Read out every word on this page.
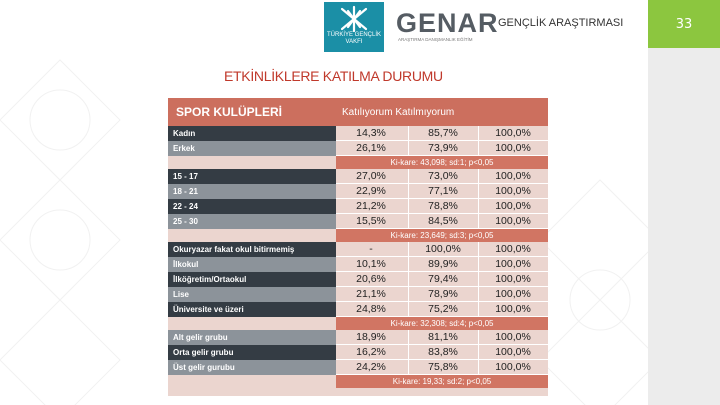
33
TÜRKİYE GENÇLİK VAKFI
GENAR
ARAŞTIRMA DANIŞMANLIK EĞİTİM
GENÇLİK ARAŞTIRMASI
ETKİNLİKLERE KATILMA DURUMU
SPOR KULÜPLERİ	Katılıyorum Katılmıyorum
Kadın	14,3%	85,7%	100,0%
Erkek	26,1%	73,9%	100,0%
Ki-kare: 43,098; sd:1; p<0,05
15 - 17	27,0%	73,0%	100,0%
18 - 21	22,9%	77,1%	100,0%
22 - 24	21,2%	78,8%	100,0%
25 - 30	15,5%	84,5%	100,0%
Ki-kare: 23,649; sd:3; p<0,05
Okuryazar fakat okul bitirmemiş	-	100,0%	100,0%
İlkokul	10,1%	89,9%	100,0%
İlköğretim/Ortaokul	20,6%	79,4%	100,0%
Lise	21,1%	78,9%	100,0%
Üniversite ve üzeri	24,8%	75,2%	100,0%
Ki-kare: 32,308; sd:4; p<0,05
Alt gelir grubu	18,9%	81,1%	100,0%
Orta gelir grubu	16,2%	83,8%	100,0%
Üst gelir gurubu	24,2%	75,8%	100,0%
Ki-kare: 19,33; sd:2; p<0,05
